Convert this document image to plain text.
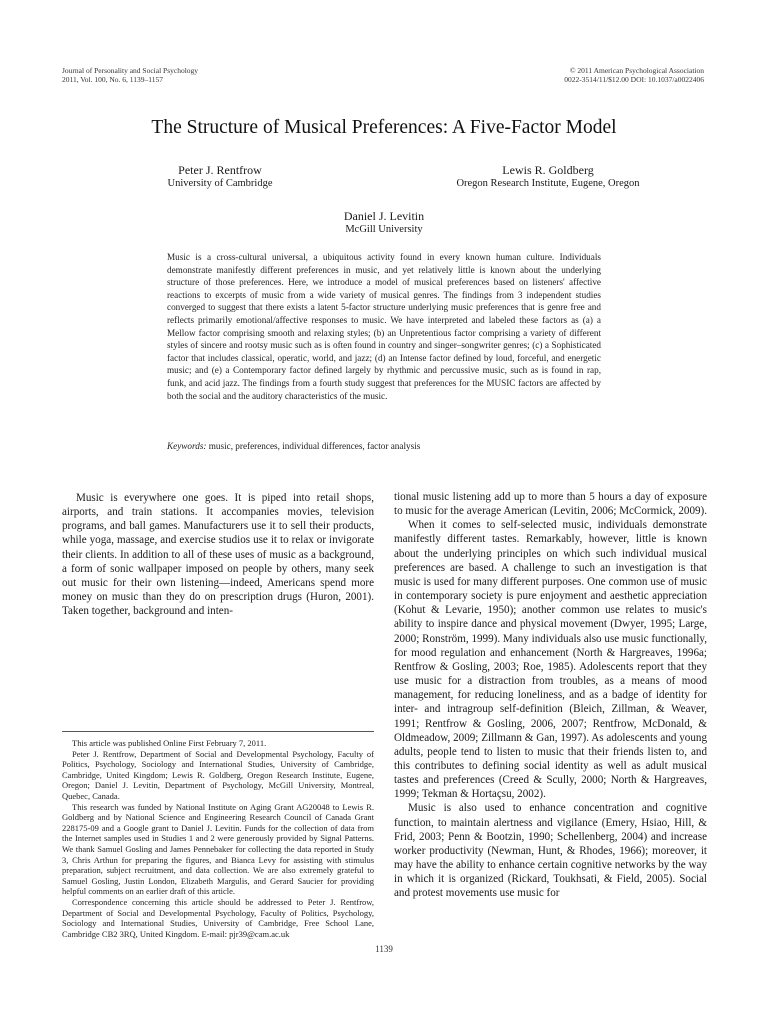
Journal of Personality and Social Psychology
2011, Vol. 100, No. 6, 1139–1157
© 2011 American Psychological Association
0022-3514/11/$12.00 DOI: 10.1037/a0022406
The Structure of Musical Preferences: A Five-Factor Model
Peter J. Rentfrow
University of Cambridge
Lewis R. Goldberg
Oregon Research Institute, Eugene, Oregon
Daniel J. Levitin
McGill University
Music is a cross-cultural universal, a ubiquitous activity found in every known human culture. Individuals demonstrate manifestly different preferences in music, and yet relatively little is known about the underlying structure of those preferences. Here, we introduce a model of musical preferences based on listeners' affective reactions to excerpts of music from a wide variety of musical genres. The findings from 3 independent studies converged to suggest that there exists a latent 5-factor structure underlying music preferences that is genre free and reflects primarily emotional/affective responses to music. We have interpreted and labeled these factors as (a) a Mellow factor comprising smooth and relaxing styles; (b) an Unpretentious factor comprising a variety of different styles of sincere and rootsy music such as is often found in country and singer–songwriter genres; (c) a Sophisticated factor that includes classical, operatic, world, and jazz; (d) an Intense factor defined by loud, forceful, and energetic music; and (e) a Contemporary factor defined largely by rhythmic and percussive music, such as is found in rap, funk, and acid jazz. The findings from a fourth study suggest that preferences for the MUSIC factors are affected by both the social and the auditory characteristics of the music.
Keywords: music, preferences, individual differences, factor analysis

Music is everywhere one goes. It is piped into retail shops, airports, and train stations. It accompanies movies, television programs, and ball games. Manufacturers use it to sell their products, while yoga, massage, and exercise studios use it to relax or invigorate their clients. In addition to all of these uses of music as a background, a form of sonic wallpaper imposed on people by others, many seek out music for their own listening—indeed, Americans spend more money on music than they do on prescription drugs (Huron, 2001). Taken together, background and inten-

tional music listening add up to more than 5 hours a day of exposure to music for the average American (Levitin, 2006; McCormick, 2009).

When it comes to self-selected music, individuals demonstrate manifestly different tastes. Remarkably, however, little is known about the underlying principles on which such individual musical preferences are based. A challenge to such an investigation is that music is used for many different purposes. One common use of music in contemporary society is pure enjoyment and aesthetic appreciation (Kohut & Levarie, 1950); another common use relates to music's ability to inspire dance and physical movement (Dwyer, 1995; Large, 2000; Ronström, 1999). Many individuals also use music functionally, for mood regulation and enhancement (North & Hargreaves, 1996a; Rentfrow & Gosling, 2003; Roe, 1985). Adolescents report that they use music for a distraction from troubles, as a means of mood management, for reducing loneliness, and as a badge of identity for inter- and intragroup self-definition (Bleich, Zillman, & Weaver, 1991; Rentfrow & Gosling, 2006, 2007; Rentfrow, McDonald, & Oldmeadow, 2009; Zillmann & Gan, 1997). As adolescents and young adults, people tend to listen to music that their friends listen to, and this contributes to defining social identity as well as adult musical tastes and preferences (Creed & Scully, 2000; North & Hargreaves, 1999; Tekman & Hortaçsu, 2002).

Music is also used to enhance concentration and cognitive function, to maintain alertness and vigilance (Emery, Hsiao, Hill, & Frid, 2003; Penn & Bootzin, 1990; Schellenberg, 2004) and increase worker productivity (Newman, Hunt, & Rhodes, 1966); moreover, it may have the ability to enhance certain cognitive networks by the way in which it is organized (Rickard, Toukhsati, & Field, 2005). Social and protest movements use music for

This article was published Online First February 7, 2011.

Peter J. Rentfrow, Department of Social and Developmental Psychology, Faculty of Politics, Psychology, Sociology and International Studies, University of Cambridge, Cambridge, United Kingdom; Lewis R. Goldberg, Oregon Research Institute, Eugene, Oregon; Daniel J. Levitin, Department of Psychology, McGill University, Montreal, Quebec, Canada.

This research was funded by National Institute on Aging Grant AG20048 to Lewis R. Goldberg and by National Science and Engineering Research Council of Canada Grant 228175-09 and a Google grant to Daniel J. Levitin. Funds for the collection of data from the Internet samples used in Studies 1 and 2 were generously provided by Signal Patterns. We thank Samuel Gosling and James Pennebaker for collecting the data reported in Study 3, Chris Arthun for preparing the figures, and Bianca Levy for assisting with stimulus preparation, subject recruitment, and data collection. We are also extremely grateful to Samuel Gosling, Justin London, Elizabeth Margulis, and Gerard Saucier for providing helpful comments on an earlier draft of this article.

Correspondence concerning this article should be addressed to Peter J. Rentfrow, Department of Social and Developmental Psychology, Faculty of Politics, Psychology, Sociology and International Studies, University of Cambridge, Free School Lane, Cambridge CB2 3RQ, United Kingdom. E-mail: pjr39@cam.ac.uk

1139
